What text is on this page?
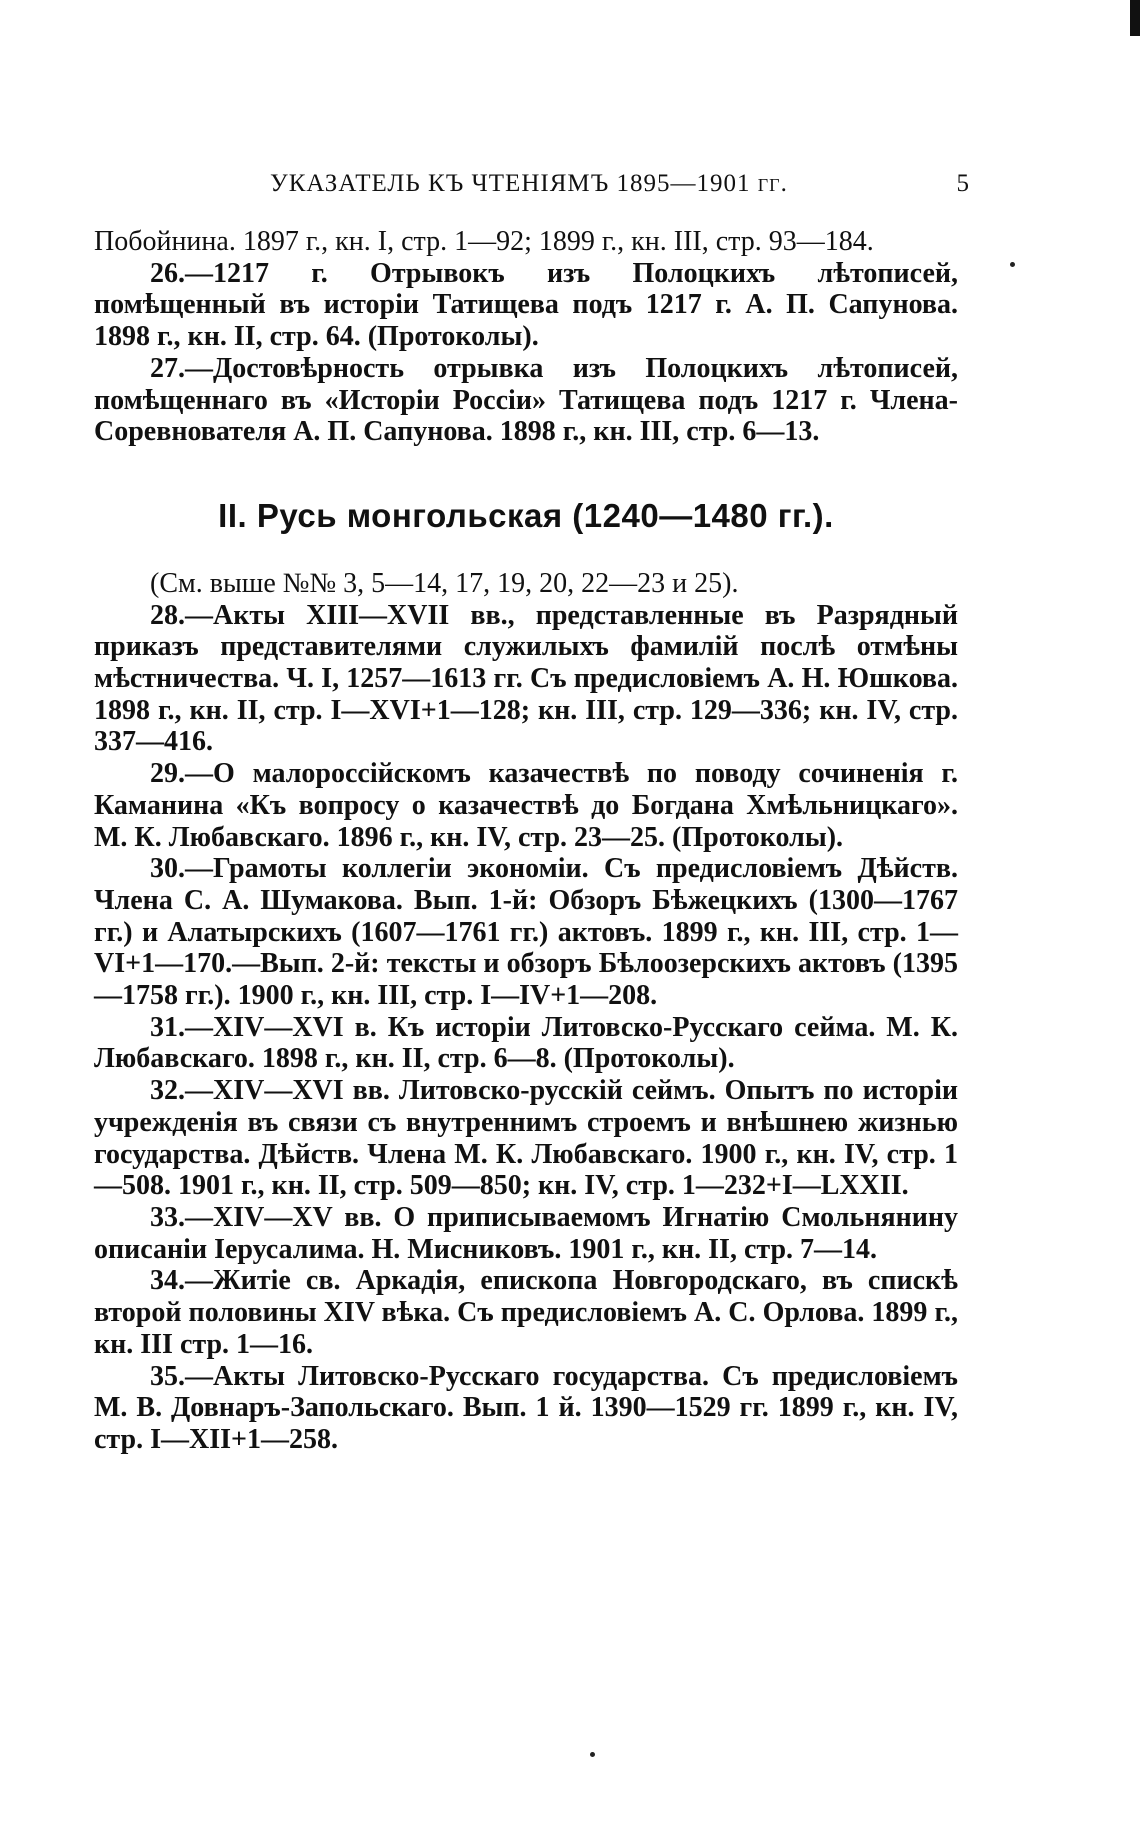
УКАЗАТЕЛЬ КЪ ЧТЕНІЯМЪ 1895—1901 гг.	5

Побойнина. 1897 г., кн. I, стр. 1—92; 1899 г., кн. III, стр. 93—184.

26.—1217 г. Отрывокъ изъ Полоцкихъ лѣтописей, помѣщенный въ исторіи Татищева подъ 1217 г. А. П. Сапунова. 1898 г., кн. II, стр. 64. (Протоколы).

27.—Достовѣрность отрывка изъ Полоцкихъ лѣтописей, помѣщеннаго въ «Исторіи Россіи» Татищева подъ 1217 г. Члена-Соревнователя А. П. Сапунова. 1898 г., кн. III, стр. 6—13.

II. Русь монгольская (1240—1480 гг.).

(См. выше №№ 3, 5—14, 17, 19, 20, 22—23 и 25).

28.—Акты XIII—XVII вв., представленные въ Разрядный приказъ представителями служилыхъ фамилій послѣ отмѣны мѣстничества. Ч. I, 1257—1613 гг. Съ предисловіемъ А. Н. Юшкова. 1898 г., кн. II, стр. I—XVI+1—128; кн. III, стр. 129—336; кн. IV, стр. 337—416.

29.—О малороссійскомъ казачествѣ по поводу сочиненія г. Каманина «Къ вопросу о казачествѣ до Богдана Хмѣльницкаго». М. К. Любавскаго. 1896 г., кн. IV, стр. 23—25. (Протоколы).

30.—Грамоты коллегіи экономіи. Съ предисловіемъ Дѣйств. Члена С. А. Шумакова. Вып. 1-й: Обзоръ Бѣжецкихъ (1300—1767 гг.) и Алатырскихъ (1607—1761 гг.) актовъ. 1899 г., кн. III, стр. 1—VI+1—170.—Вып. 2-й: тексты и обзоръ Бѣлоозерскихъ актовъ (1395—1758 гг.). 1900 г., кн. III, стр. I—IV+1—208.

31.—XIV—XVI в. Къ исторіи Литовско-Русскаго сейма. М. К. Любавскаго. 1898 г., кн. II, стр. 6—8. (Протоколы).

32.—XIV—XVI вв. Литовско-русскій сеймъ. Опытъ по исторіи учрежденія въ связи съ внутреннимъ строемъ и внѣшнею жизнью государства. Дѣйств. Члена М. К. Любавскаго. 1900 г., кн. IV, стр. 1—508. 1901 г., кн. II, стр. 509—850; кн. IV, стр. 1—232+I—LXXII.

33.—XIV—XV вв. О приписываемомъ Игнатію Смольнянину описаніи Іерусалима. Н. Мисниковъ. 1901 г., кн. II, стр. 7—14.

34.—Житіе св. Аркадія, епископа Новгородскаго, въ спискѣ второй половины XIV вѣка. Съ предисловіемъ А. С. Орлова. 1899 г., кн. III стр. 1—16.

35.—Акты Литовско-Русскаго государства. Съ предисловіемъ М. В. Довнаръ-Запольскаго. Вып. 1 й. 1390—1529 гг. 1899 г., кн. IV, стр. I—XII+1—258.
